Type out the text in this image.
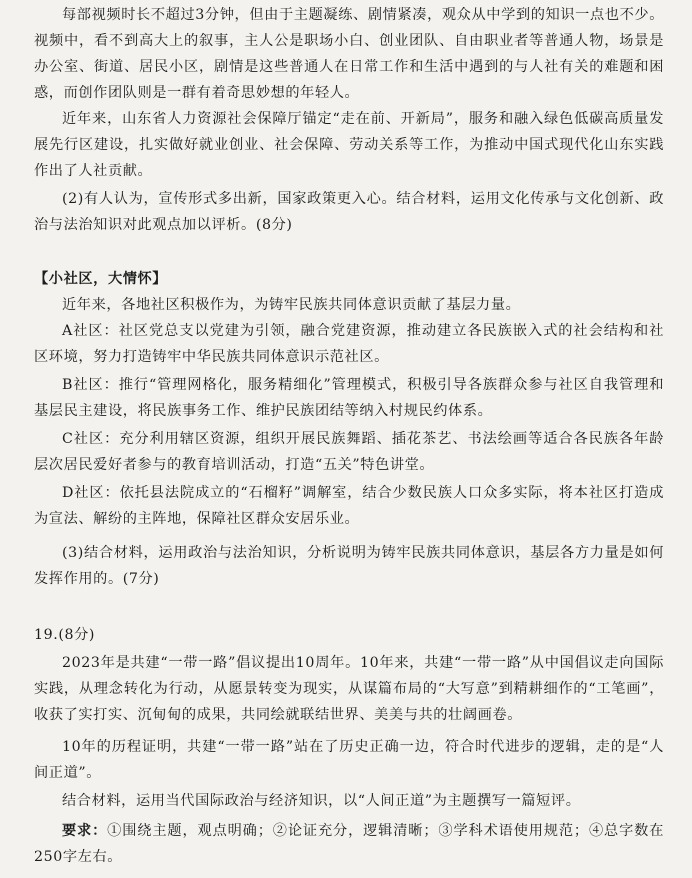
每部视频时长不超过3分钟，但由于主题凝练、剧情紧凑，观众从中学到的知识一点也不少。视频中，看不到高大上的叙事，主人公是职场小白、创业团队、自由职业者等普通人物，场景是办公室、街道、居民小区，剧情是这些普通人在日常工作和生活中遇到的与人社有关的难题和困惑，而创作团队则是一群有着奇思妙想的年轻人。

近年来，山东省人力资源社会保障厅锚定“走在前、开新局”，服务和融入绿色低碳高质量发展先行区建设，扎实做好就业创业、社会保障、劳动关系等工作，为推动中国式现代化山东实践作出了人社贡献。

(2)有人认为，宣传形式多出新，国家政策更入心。结合材料，运用文化传承与文化创新、政治与法治知识对此观点加以评析。(8分)

【小社区，大情怀】

近年来，各地社区积极作为，为铸牢民族共同体意识贡献了基层力量。

A社区：社区党总支以党建为引领，融合党建资源，推动建立各民族嵌入式的社会结构和社区环境，努力打造铸牢中华民族共同体意识示范社区。

B社区：推行“管理网格化，服务精细化”管理模式，积极引导各族群众参与社区自我管理和基层民主建设，将民族事务工作、维护民族团结等纳入村规民约体系。

C社区：充分利用辖区资源，组织开展民族舞蹈、插花茶艺、书法绘画等适合各民族各年龄层次居民爱好者参与的教育培训活动，打造“五关”特色讲堂。

D社区：依托县法院成立的“石榴籽”调解室，结合少数民族人口众多实际，将本社区打造成为宣法、解纷的主阵地，保障社区群众安居乐业。

(3)结合材料，运用政治与法治知识，分析说明为铸牢民族共同体意识，基层各方力量是如何发挥作用的。(7分)

19.(8分)

2023年是共建“一带一路”倡议提出10周年。10年来，共建“一带一路”从中国倡议走向国际实践，从理念转化为行动，从愿景转变为现实，从谋篇布局的“大写意”到精耕细作的“工笔画”，收获了实打实、沉甸甸的成果，共同绘就联结世界、美美与共的壮阔画卷。

10年的历程证明，共建“一带一路”站在了历史正确一边，符合时代进步的逻辑，走的是“人间正道”。

结合材料，运用当代国际政治与经济知识，以“人间正道”为主题撰写一篇短评。

要求：①围绕主题，观点明确；②论证充分，逻辑清晰；③学科术语使用规范；④总字数在250字左右。
